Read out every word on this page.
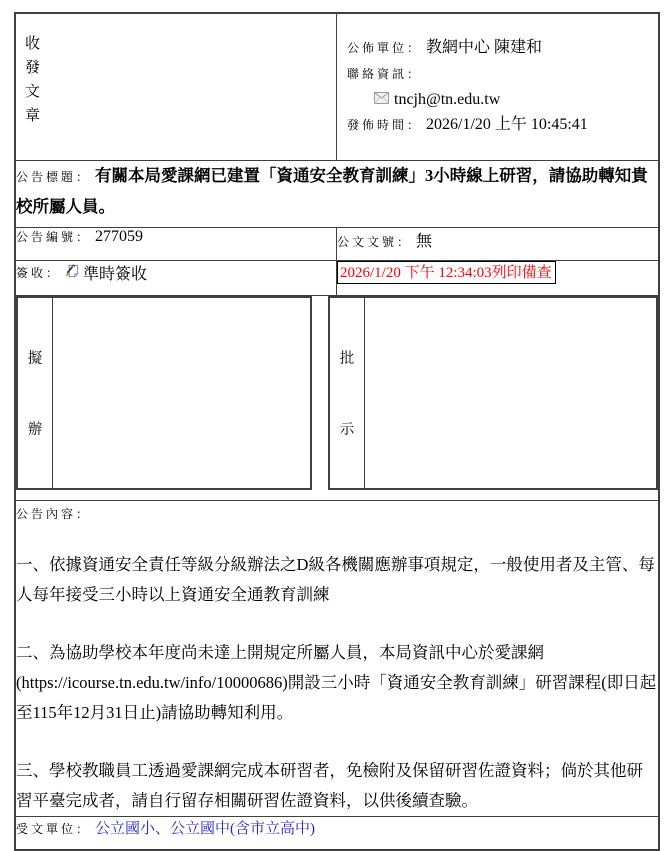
收
發
文
章

公佈單位： 教網中心 陳建和
聯絡資訊：
tncjh@tn.edu.tw
發佈時間： 2026/1/20 上午 10:45:41

公告標題： 有關本局愛課網已建置「資通安全教育訓練」3小時線上研習，請協助轉知貴校所屬人員。
公告編號： 277059	公文文號： 無

簽收： 準時簽收	2026/1/20 下午 12:34:03列印備查

擬
辦

批
示

公告內容：

一、依據資通安全責任等級分級辦法之D級各機關應辦事項規定，一般使用者及主管、每人每年接受三小時以上資通安全通教育訓練

二、為協助學校本年度尚未達上開規定所屬人員，本局資訊中心於愛課網(https://icourse.tn.edu.tw/info/10000686)開設三小時「資通安全教育訓練」研習課程(即日起至115年12月31日止)請協助轉知利用。

三、學校教職員工透過愛課網完成本研習者，免檢附及保留研習佐證資料；倘於其他研習平臺完成者，請自行留存相關研習佐證資料，以供後續查驗。

受文單位： 公立國小、公立國中(含市立高中)
